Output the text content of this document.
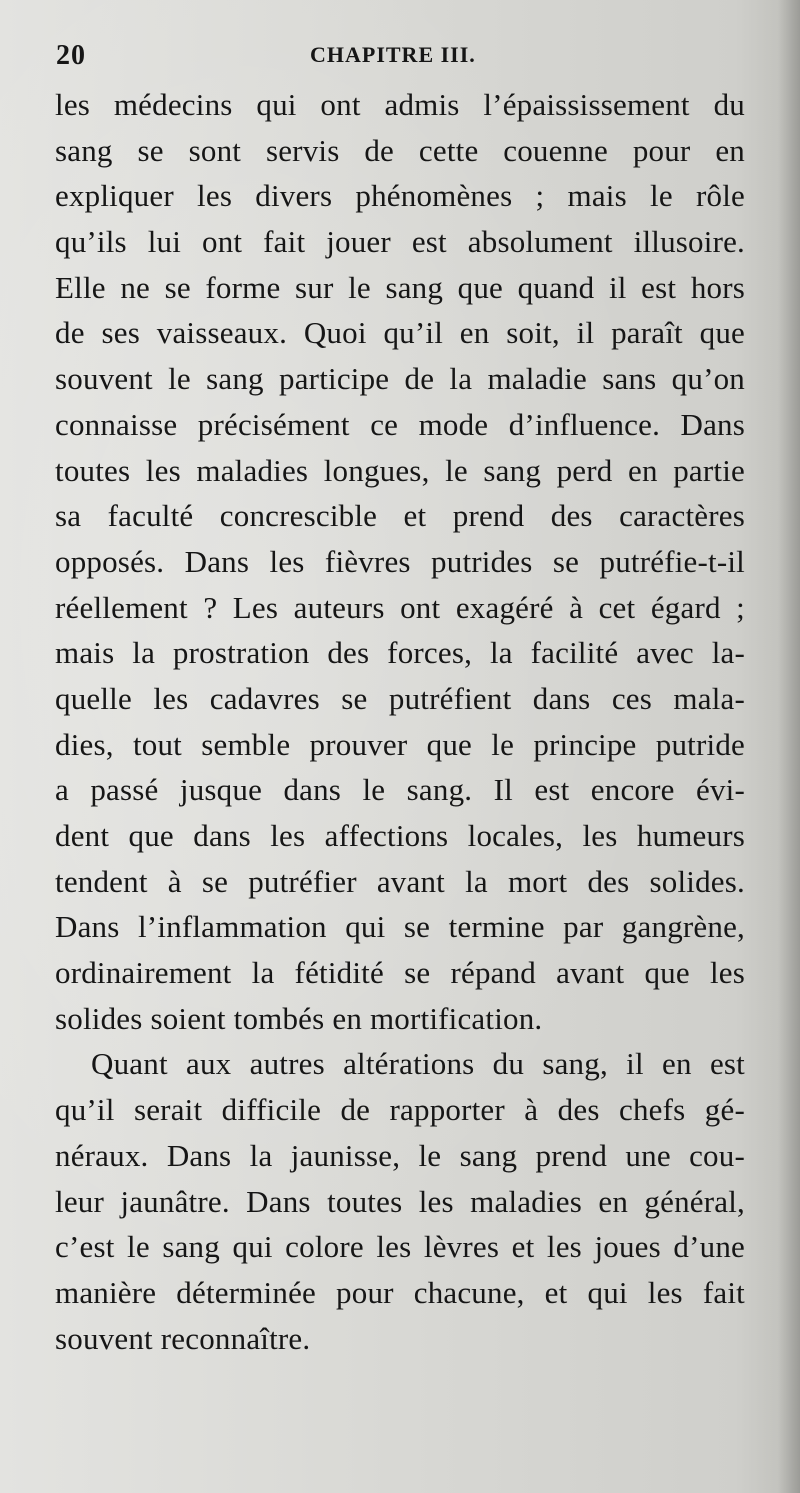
20	CHAPITRE III.
les médecins qui ont admis l’épaississement du
sang se sont servis de cette couenne pour en
expliquer les divers phénomènes ; mais le rôle
qu’ils lui ont fait jouer est absolument illusoire.
Elle ne se forme sur le sang que quand il est hors
de ses vaisseaux. Quoi qu’il en soit, il paraît que
souvent le sang participe de la maladie sans qu’on
connaisse précisément ce mode d’influence. Dans
toutes les maladies longues, le sang perd en partie
sa faculté concrescible et prend des caractères
opposés. Dans les fièvres putrides se putréfie-t-il
réellement ? Les auteurs ont exagéré à cet égard ;
mais la prostration des forces, la facilité avec la-
quelle les cadavres se putréfient dans ces mala-
dies, tout semble prouver que le principe putride
a passé jusque dans le sang. Il est encore évi-
dent que dans les affections locales, les humeurs
tendent à se putréfier avant la mort des solides.
Dans l’inflammation qui se termine par gangrène,
ordinairement la fétidité se répand avant que les
solides soient tombés en mortification.
Quant aux autres altérations du sang, il en est
qu’il serait difficile de rapporter à des chefs gé-
néraux. Dans la jaunisse, le sang prend une cou-
leur jaunâtre. Dans toutes les maladies en général,
c’est le sang qui colore les lèvres et les joues d’une
manière déterminée pour chacune, et qui les fait
souvent reconnaître.
